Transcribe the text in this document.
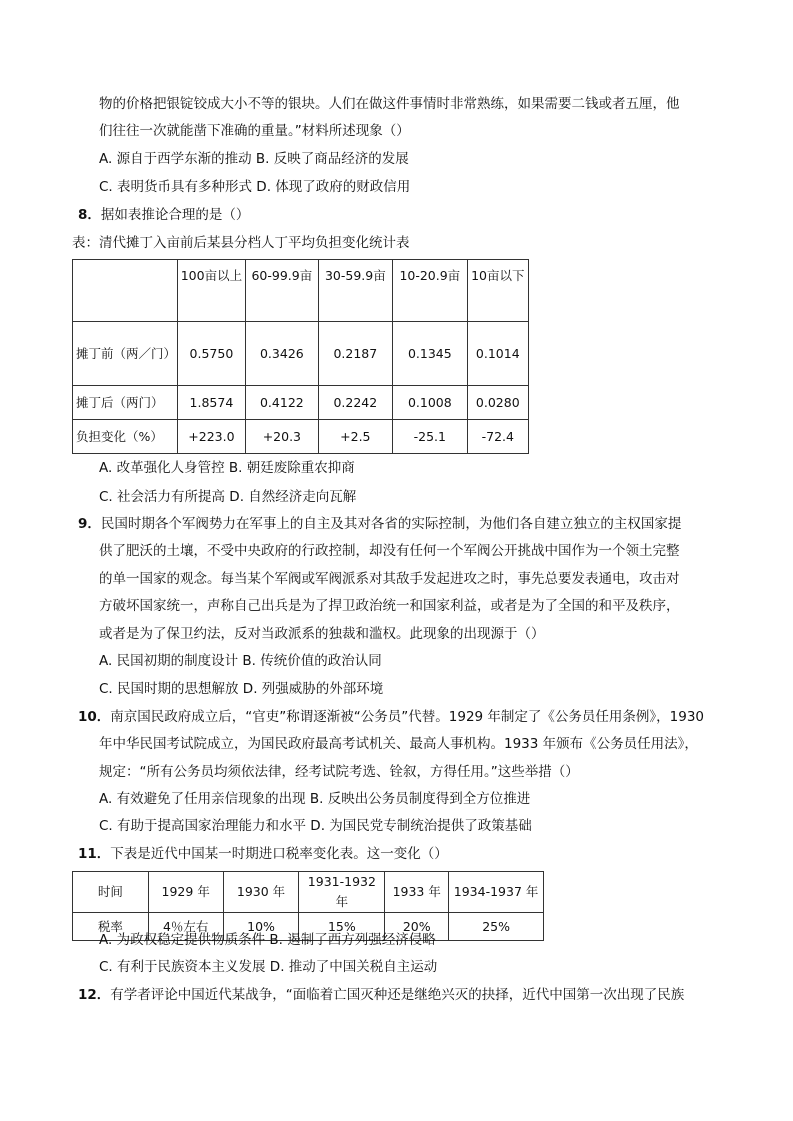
物的价格把银锭铰成大小不等的银块。人们在做这件事情时非常熟练，如果需要二钱或者五厘，他
们往往一次就能凿下准确的重量。”材料所述现象（）
A. 源自于西学东渐的推动 B. 反映了商品经济的发展
C. 表明货币具有多种形式 D. 体现了政府的财政信用
8．据如表推论合理的是（）
表：清代摊丁入亩前后某县分档人丁平均负担变化统计表
	100亩以上	60-99.9亩	30-59.9亩	10-20.9亩	10亩以下
摊丁前（两／门）	0.5750	0.3426	0.2187	0.1345	0.1014
摊丁后（两门）	1.8574	0.4122	0.2242	0.1008	0.0280
负担变化（%）	+223.0	+20.3	+2.5	-25.1	-72.4
A. 改革强化人身管控 B. 朝廷废除重农抑商
C. 社会活力有所提高 D. 自然经济走向瓦解
9．民国时期各个军阀势力在军事上的自主及其对各省的实际控制，为他们各自建立独立的主权国家提
供了肥沃的土壤，不受中央政府的行政控制，却没有任何一个军阀公开挑战中国作为一个领土完整
的单一国家的观念。每当某个军阀或军阀派系对其敌手发起进攻之时，事先总要发表通电，攻击对
方破坏国家统一，声称自己出兵是为了捍卫政治统一和国家利益，或者是为了全国的和平及秩序，
或者是为了保卫约法，反对当政派系的独裁和滥权。此现象的出现源于（）
A. 民国初期的制度设计 B. 传统价值的政治认同
C. 民国时期的思想解放 D. 列强威胁的外部环境
10．南京国民政府成立后，“官吏”称谓逐渐被“公务员”代替。1929 年制定了《公务员任用条例》，1930
年中华民国考试院成立，为国民政府最高考试机关、最高人事机构。1933 年颁布《公务员任用法》，
规定：“所有公务员均须依法律，经考试院考选、铨叙，方得任用。”这些举措（）
A. 有效避免了任用亲信现象的出现 B. 反映出公务员制度得到全方位推进
C. 有助于提高国家治理能力和水平 D. 为国民党专制统治提供了政策基础
11．下表是近代中国某一时期进口税率变化表。这一变化（）
时间	1929 年	1930 年	1931-1932 年	1933 年	1934-1937 年
税率	4％左右	10%	15%	20%	25%
A. 为政权稳定提供物质条件 B. 遏制了西方列强经济侵略
C. 有利于民族资本主义发展 D. 推动了中国关税自主运动
12．有学者评论中国近代某战争，“面临着亡国灭种还是继绝兴灭的抉择，近代中国第一次出现了民族
